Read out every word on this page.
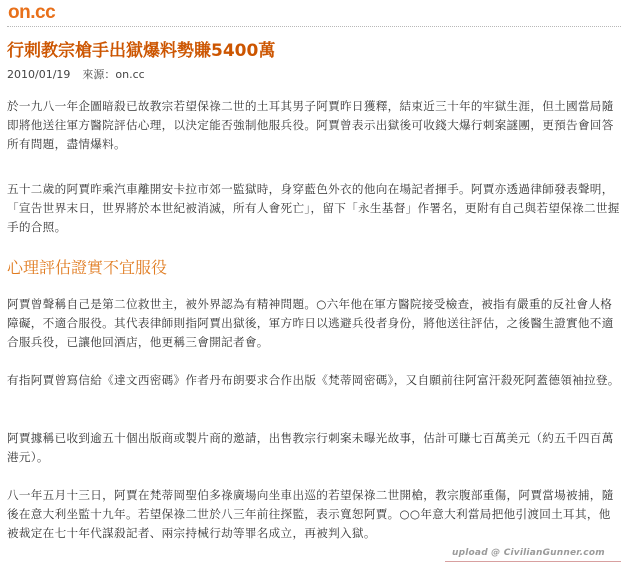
on.cc
行刺教宗槍手出獄爆料勢賺5400萬
2010/01/19 來源：on.cc

於一九八一年企圖暗殺已故教宗若望保祿二世的土耳其男子阿賈昨日獲釋，結束近三十年的牢獄生涯，但土國當局隨即將他送往軍方醫院評估心理，以決定能否強制他服兵役。阿賈曾表示出獄後可收錢大爆行刺案謎團，更預告會回答所有問題，盡情爆料。

五十二歲的阿賈昨乘汽車離開安卡拉市郊一監獄時，身穿藍色外衣的他向在場記者揮手。阿賈亦透過律師發表聲明，「宣告世界末日，世界將於本世紀被消滅，所有人會死亡」，留下「永生基督」作署名，更附有自己與若望保祿二世握手的合照。

心理評估證實不宜服役

阿賈曾聲稱自己是第二位救世主，被外界認為有精神問題。○六年他在軍方醫院接受檢查，被指有嚴重的反社會人格障礙，不適合服役。其代表律師則指阿賈出獄後，軍方昨日以逃避兵役者身份，將他送往評估，之後醫生證實他不適合服兵役，已讓他回酒店，他更稱三會開記者會。

有指阿賈曾寫信給《達文西密碼》作者丹布朗要求合作出版《梵蒂岡密碼》，又自願前往阿富汗殺死阿蓋德領袖拉登。

阿賈據稱已收到逾五十個出版商或製片商的邀請，出售教宗行刺案未曝光故事，估計可賺七百萬美元（約五千四百萬港元）。

八一年五月十三日，阿賈在梵蒂岡聖伯多祿廣場向坐車出巡的若望保祿二世開槍，教宗腹部重傷，阿賈當場被捕，隨後在意大利坐監十九年。若望保祿二世於八三年前往探監，表示寬恕阿賈。○○年意大利當局把他引渡回土耳其，他被裁定在七十年代謀殺記者、兩宗持械行劫等罪名成立，再被判入獄。

upload @ CivilianGunner.com
